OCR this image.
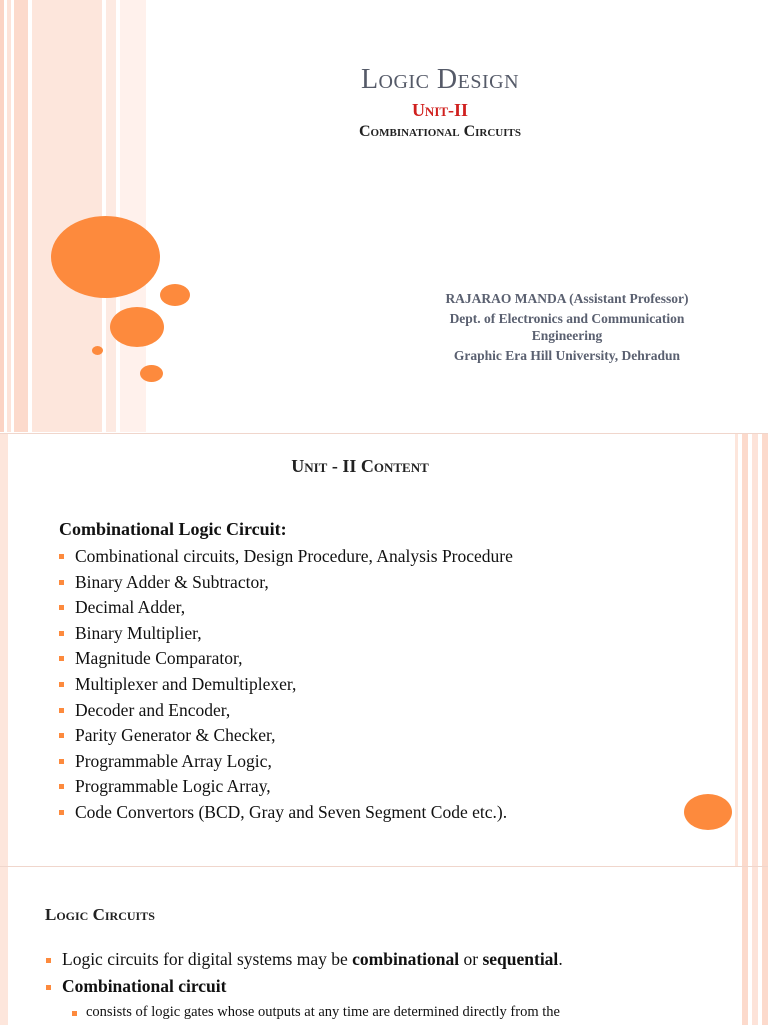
Logic Design
Unit-II
Combinational Circuits
RAJARAO MANDA (Assistant Professor)
Dept. of Electronics and Communication
Engineering
Graphic Era Hill University, Dehradun
Unit - II Content
Combinational Logic Circuit:
Combinational circuits, Design Procedure, Analysis Procedure
Binary Adder & Subtractor,
Decimal Adder,
Binary Multiplier,
Magnitude Comparator,
Multiplexer and Demultiplexer,
Decoder and Encoder,
Parity Generator & Checker,
Programmable Array Logic,
Programmable Logic Array,
Code Convertors (BCD, Gray and Seven Segment Code etc.).
Logic Circuits
Logic circuits for digital systems may be combinational or sequential.
Combinational circuit
consists of logic gates whose outputs at any time are determined directly from the
